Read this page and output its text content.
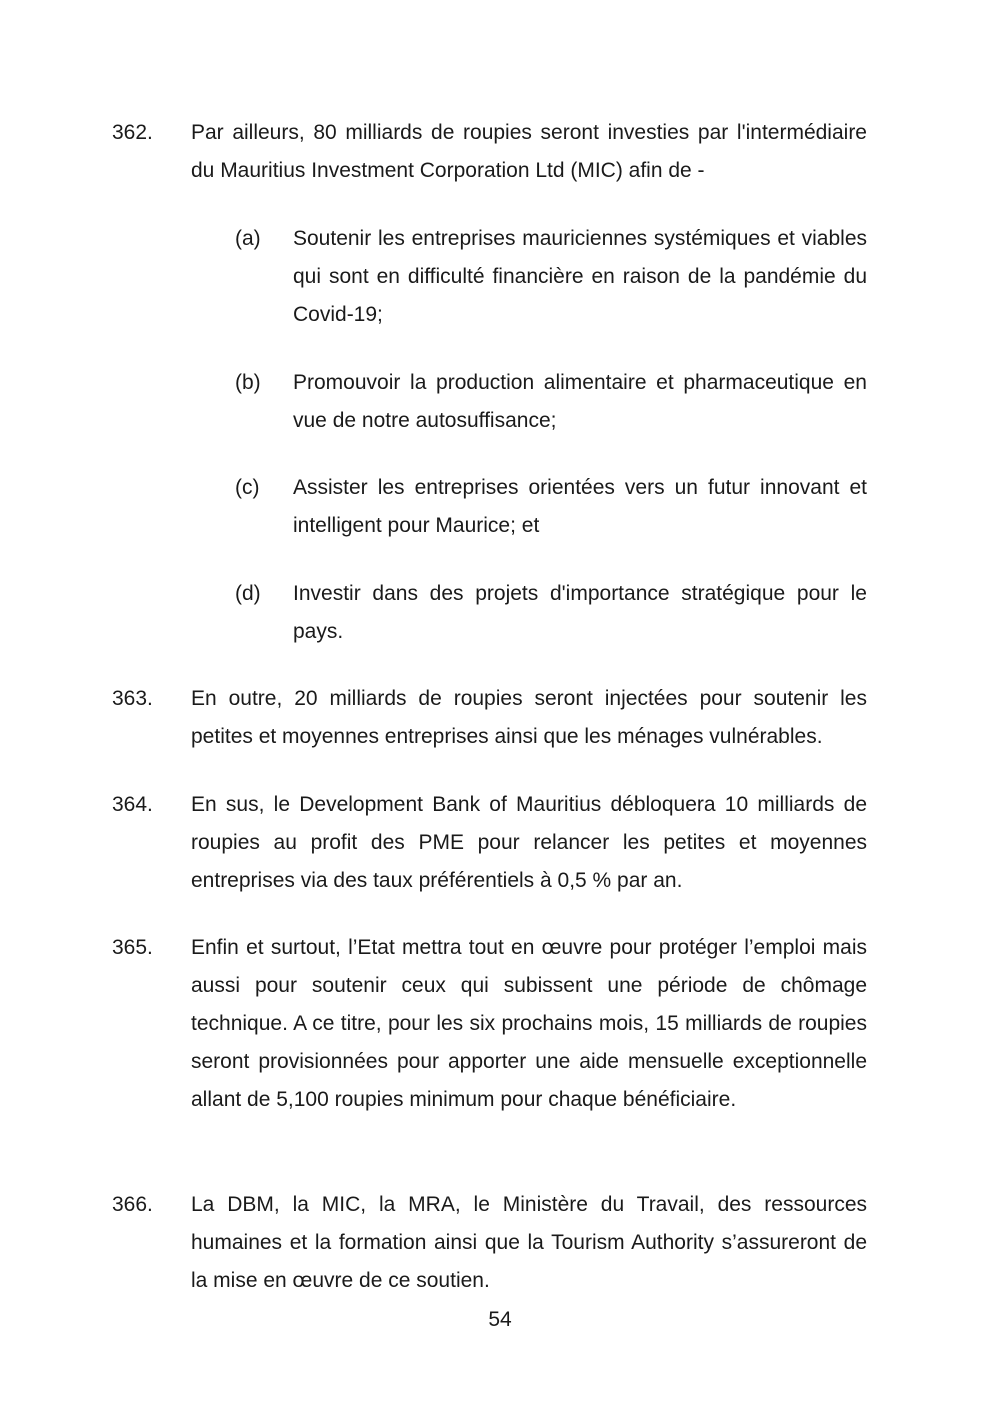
362. Par ailleurs, 80 milliards de roupies seront investies par l'intermédiaire du Mauritius Investment Corporation Ltd (MIC) afin de -
(a) Soutenir les entreprises mauriciennes systémiques et viables qui sont en difficulté financière en raison de la pandémie du Covid-19;
(b) Promouvoir la production alimentaire et pharmaceutique en vue de notre autosuffisance;
(c) Assister les entreprises orientées vers un futur innovant et intelligent pour Maurice; et
(d) Investir dans des projets d'importance stratégique pour le pays.
363. En outre, 20 milliards de roupies seront injectées pour soutenir les petites et moyennes entreprises ainsi que les ménages vulnérables.
364. En sus, le Development Bank of Mauritius débloquera 10 milliards de roupies au profit des PME pour relancer les petites et moyennes entreprises via des taux préférentiels à 0,5 % par an.
365. Enfin et surtout, l’Etat mettra tout en œuvre pour protéger l’emploi mais aussi pour soutenir ceux qui subissent une période de chômage technique. A ce titre, pour les six prochains mois, 15 milliards de roupies seront provisionnées pour apporter une aide mensuelle exceptionnelle allant de 5,100 roupies minimum pour chaque bénéficiaire.
366. La DBM, la MIC, la MRA, le Ministère du Travail, des ressources humaines et la formation ainsi que la Tourism Authority s’assureront de la mise en œuvre de ce soutien.
54
